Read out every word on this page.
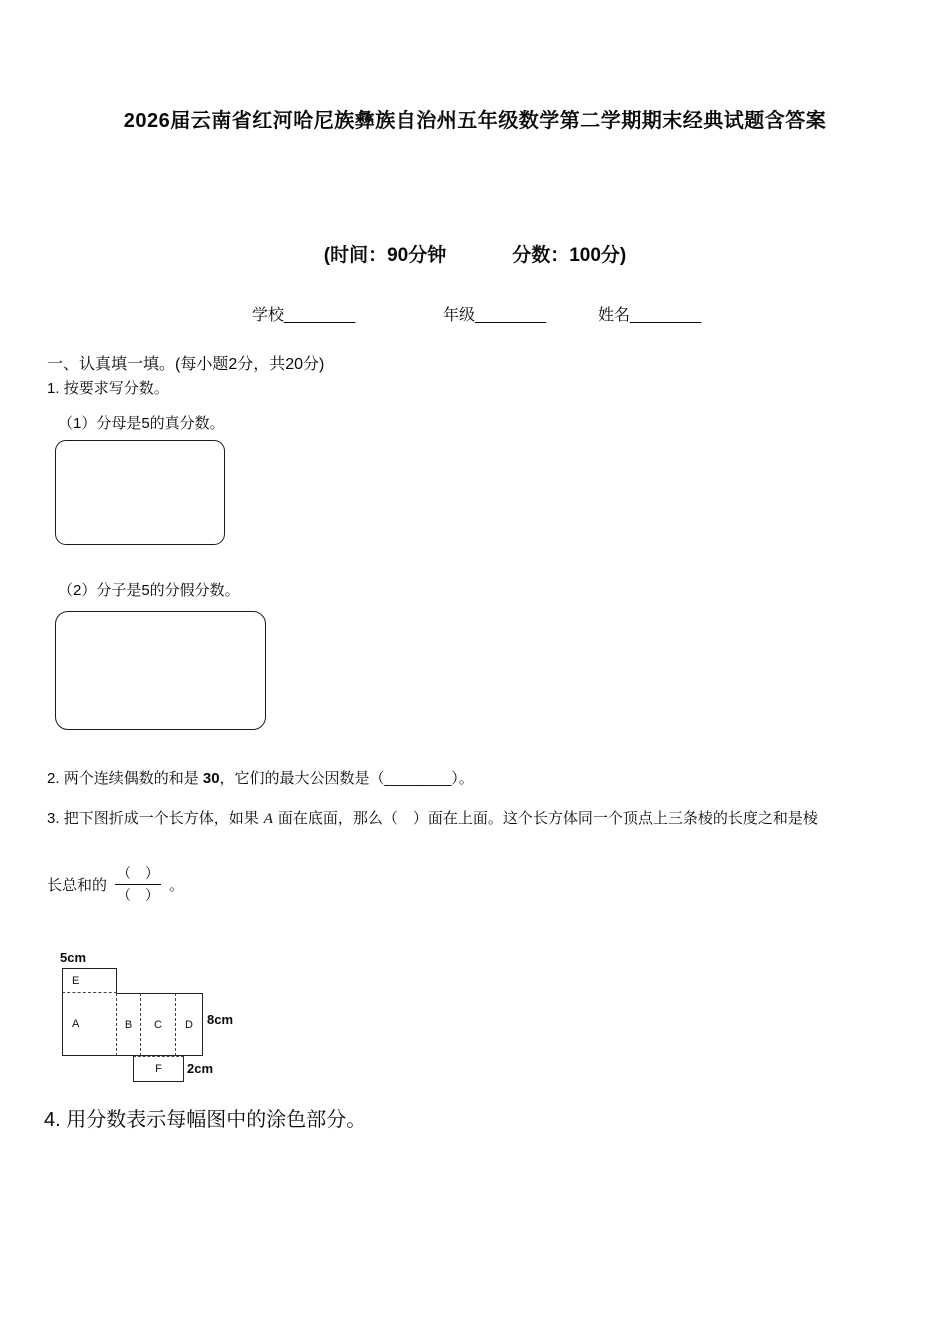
2026届云南省红河哈尼族彝族自治州五年级数学第二学期期末经典试题含答案
(时间：90分钟	分数：100分)
学校________	年级________	姓名________
一、认真填一填。(每小题2分，共20分)
1. 按要求写分数。
（1）分母是5的真分数。
（2）分子是5的分假分数。
2. 两个连续偶数的和是 30，它们的最大公因数是（________）。
3. 把下图折成一个长方体，如果 A 面在底面，那么（　）面在上面。这个长方体同一个顶点上三条棱的长度之和是棱
长总和的 $\frac{( )}{( )}$ 。
5cm
8cm
2cm
E
A	B	C	D
F
4. 用分数表示每幅图中的涂色部分。
